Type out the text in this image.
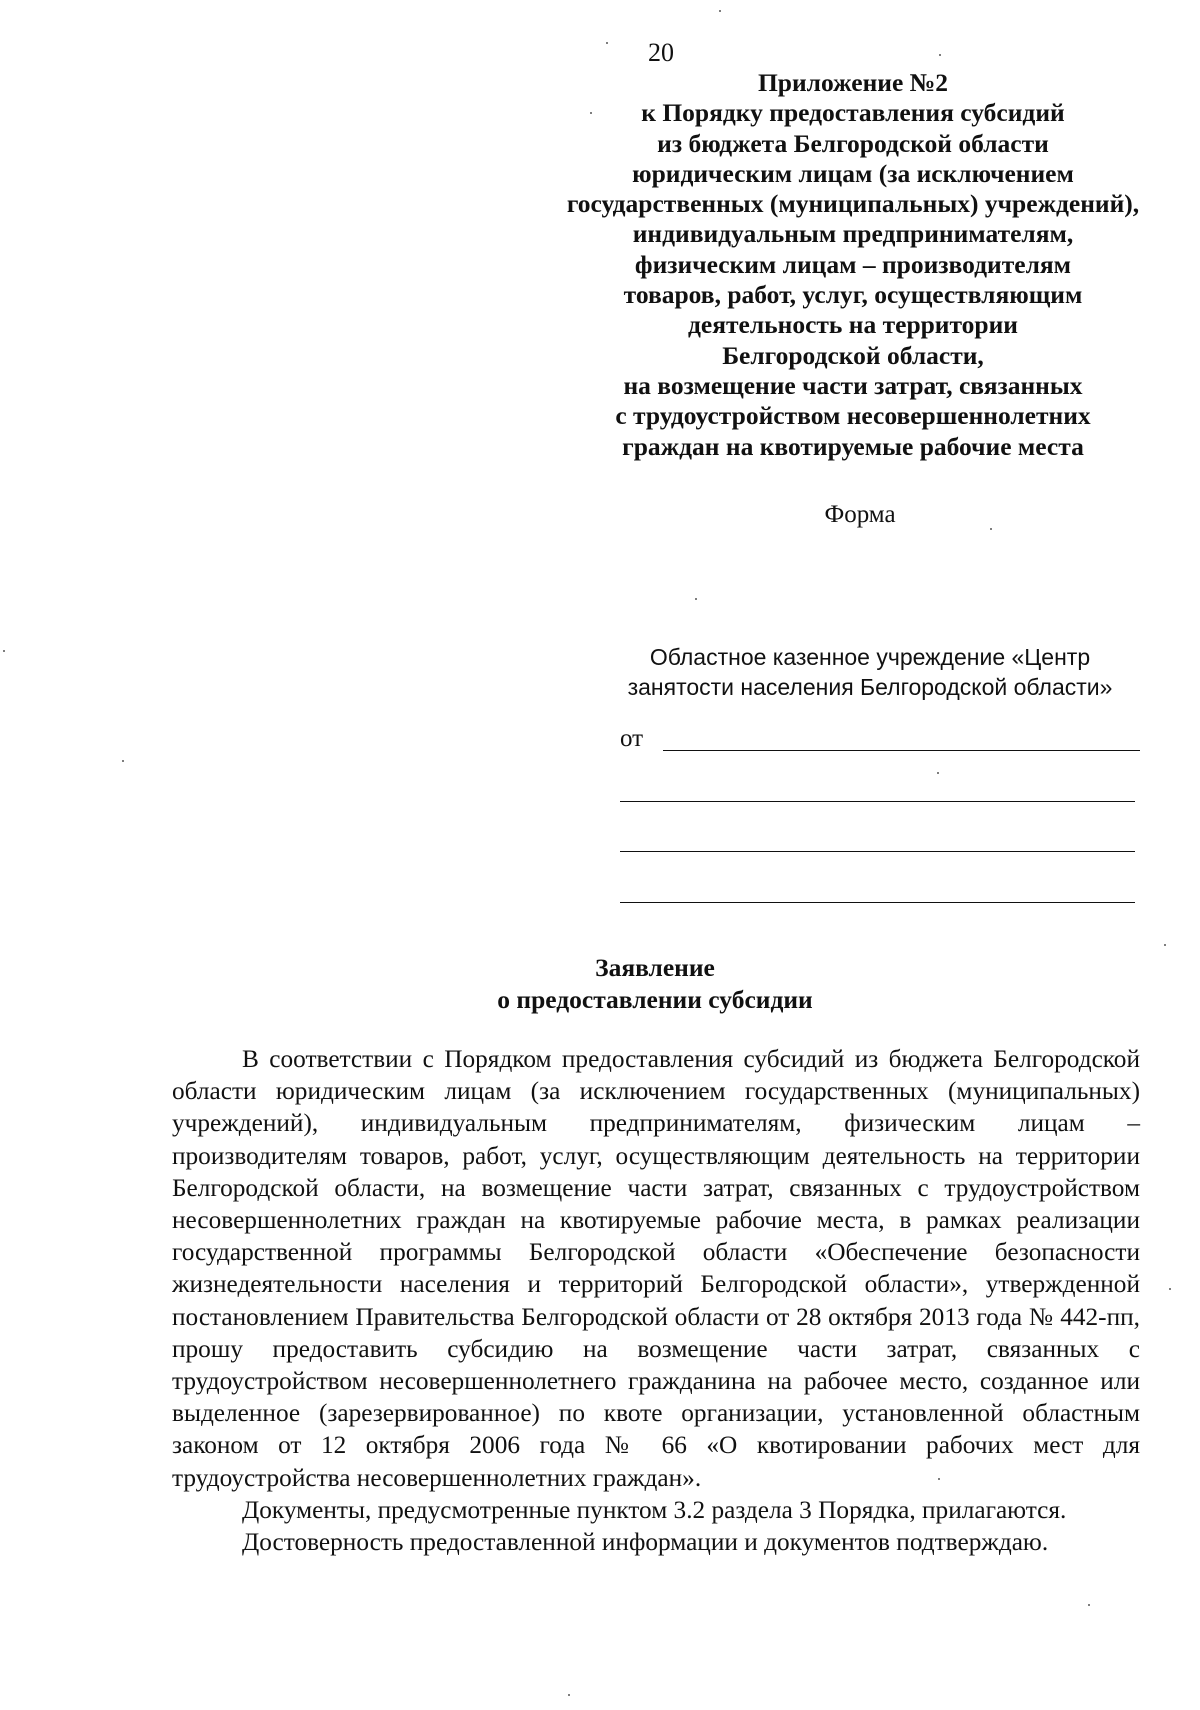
20
Приложение №2
к Порядку предоставления субсидий
из бюджета Белгородской области
юридическим лицам (за исключением
государственных (муниципальных) учреждений),
индивидуальным предпринимателям,
физическим лицам – производителям
товаров, работ, услуг, осуществляющим
деятельность на территории
Белгородской области,
на возмещение части затрат, связанных
с трудоустройством несовершеннолетних
граждан на квотируемые рабочие места
Форма
Областное казенное учреждение «Центр
занятости населения Белгородской области»
от
Заявление
о предоставлении субсидии

В соответствии с Порядком предоставления субсидий из бюджета Белгородской области юридическим лицам (за исключением государственных (муниципальных) учреждений), индивидуальным предпринимателям, физическим лицам – производителям товаров, работ, услуг, осуществляющим деятельность на территории Белгородской области, на возмещение части затрат, связанных с трудоустройством несовершеннолетних граждан на квотируемые рабочие места, в рамках реализации государственной программы Белгородской области «Обеспечение безопасности жизнедеятельности населения и территорий Белгородской области», утвержденной постановлением Правительства Белгородской области от 28 октября 2013 года № 442-пп, прошу предоставить субсидию на возмещение части затрат, связанных с трудоустройством несовершеннолетнего гражданина на рабочее место, созданное или выделенное (зарезервированное) по квоте организации, установленной областным законом от 12 октября 2006 года № 66 «О квотировании рабочих мест для трудоустройства несовершеннолетних граждан».

Документы, предусмотренные пунктом 3.2 раздела 3 Порядка, прилагаются.

Достоверность предоставленной информации и документов подтверждаю.
